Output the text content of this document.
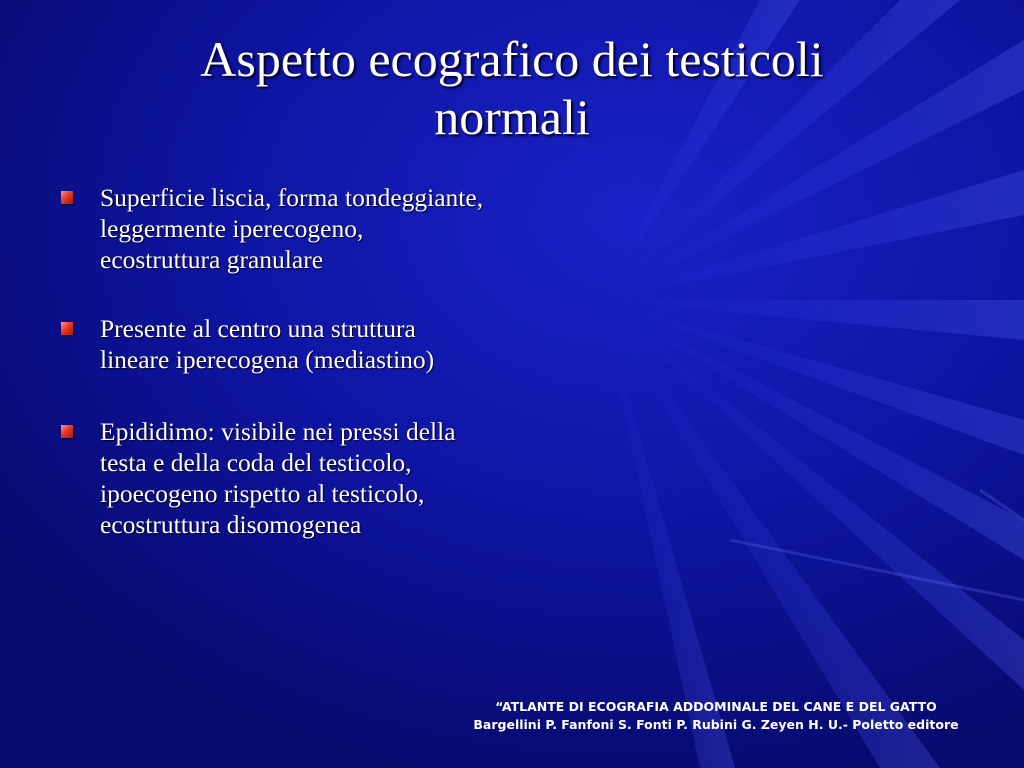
Aspetto ecografico dei testicoli
normali
Superficie liscia, forma tondeggiante, leggermente iperecogeno, ecostruttura granulare
Presente al centro una struttura lineare iperecogena (mediastino)
Epididimo: visibile nei pressi della testa e della coda del testicolo, ipoecogeno rispetto al testicolo, ecostruttura disomogenea
“ATLANTE DI ECOGRAFIA ADDOMINALE DEL CANE E DEL GATTO
Bargellini P. Fanfoni S. Fonti P. Rubini G. Zeyen H. U.- Poletto editore
